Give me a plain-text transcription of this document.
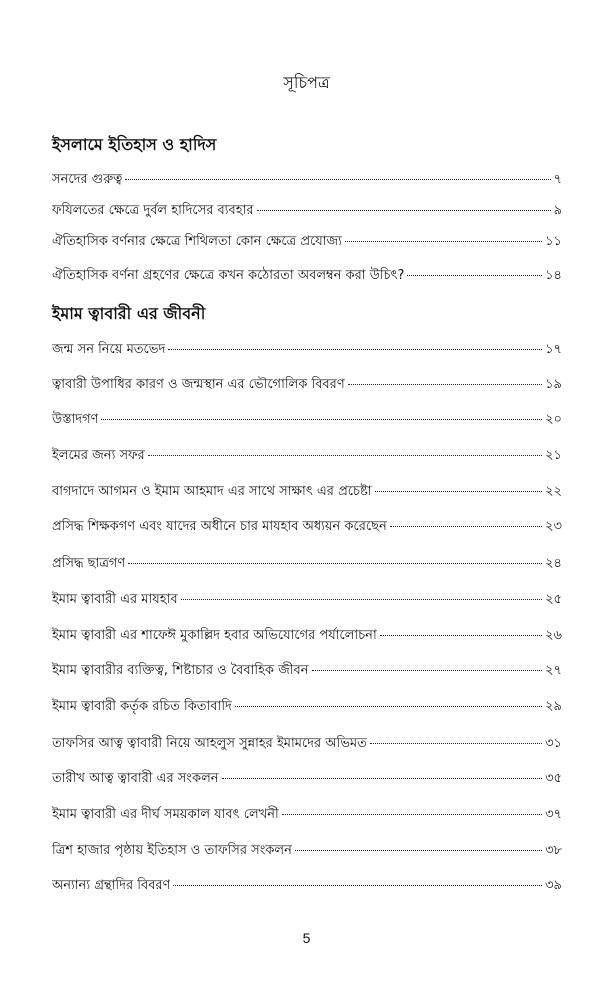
সূচিপত্র
ইসলামে ইতিহাস ও হাদিস
সনদের গুরুত্ব	৭
ফযিলতের ক্ষেত্রে দুর্বল হাদিসের ব্যবহার	৯
ঐতিহাসিক বর্ণনার ক্ষেত্রে শিথিলতা কোন ক্ষেত্রে প্রযোজ্য	১১
ঐতিহাসিক বর্ণনা গ্রহণের ক্ষেত্রে কখন কঠোরতা অবলম্বন করা উচিৎ?	১৪
ইমাম ত্বাবারী এর জীবনী
জন্ম সন নিয়ে মতভেদ	১৭
ত্বাবারী উপাধির কারণ ও জন্মস্থান এর ভৌগোলিক বিবরণ	১৯
উস্তাদগণ	২০
ইলমের জন্য সফর	২১
বাগদাদে আগমন ও ইমাম আহমাদ এর সাথে সাক্ষাৎ এর প্রচেষ্টা	২২
প্রসিদ্ধ শিক্ষকগণ এবং যাদের অধীনে চার মাযহাব অধ্যয়ন করেছেন	২৩
প্রসিদ্ধ ছাত্রগণ	২৪
ইমাম ত্বাবারী এর মাযহাব	২৫
ইমাম ত্বাবারী এর শাফেঈ মুকাল্লিদ হবার অভিযোগের পর্যালোচনা	২৬
ইমাম ত্বাবারীর ব্যক্তিত্ব, শিষ্টাচার ও বৈবাহিক জীবন	২৭
ইমাম ত্বাবারী কর্তৃক রচিত কিতাবাদি	২৯
তাফসির আত্ব ত্বাবারী নিয়ে আহলুস সুন্নাহর ইমামদের অভিমত	৩১
তারীখ আত্ব ত্বাবারী এর সংকলন	৩৫
ইমাম ত্বাবারী এর দীর্ঘ সময়কাল যাবৎ লেখনী	৩৭
ত্রিশ হাজার পৃষ্ঠায় ইতিহাস ও তাফসির সংকলন	৩৮
অন্যান্য গ্রন্থাদির বিবরণ	৩৯
5
